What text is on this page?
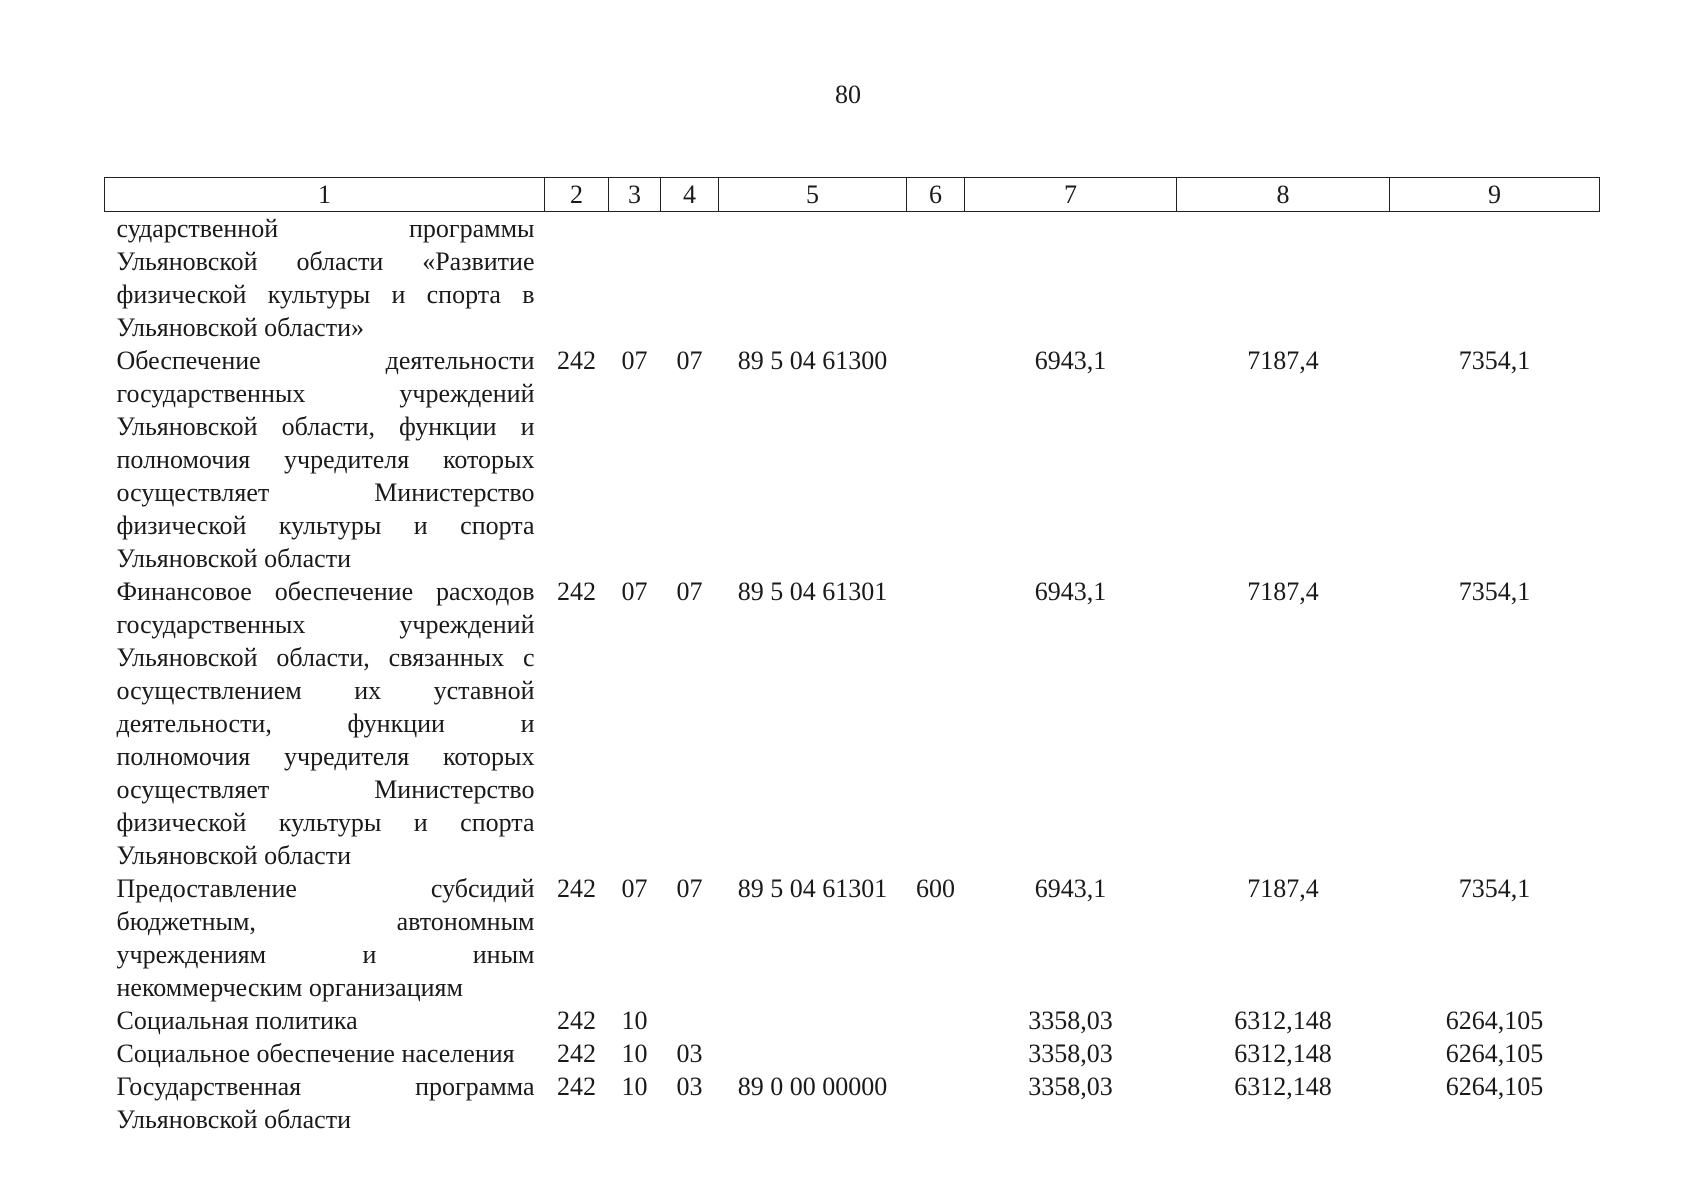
80
1	2	3	4	5	6	7	8	9
сударственной программы Ульяновской области «Развитие физической культуры и спорта в Ульяновской области»								
Обеспечение деятельности государственных учреждений Ульяновской области, функции и полномочия учредителя которых осуществляет Министерство физической культуры и спорта Ульяновской области	242	07	07	89 5 04 61300		6943,1	7187,4	7354,1
Финансовое обеспечение расходов государственных учреждений Ульяновской области, связанных с осуществлением их уставной деятельности, функции и полномочия учредителя которых осуществляет Министерство физической культуры и спорта Ульяновской области	242	07	07	89 5 04 61301		6943,1	7187,4	7354,1
Предоставление субсидий бюджетным, автономным учреждениям и иным некоммерческим организациям	242	07	07	89 5 04 61301	600	6943,1	7187,4	7354,1
Социальная политика	242	10				3358,03	6312,148	6264,105
Социальное обеспечение населения	242	10	03			3358,03	6312,148	6264,105
Государственная программа Ульяновской области	242	10	03	89 0 00 00000		3358,03	6312,148	6264,105
